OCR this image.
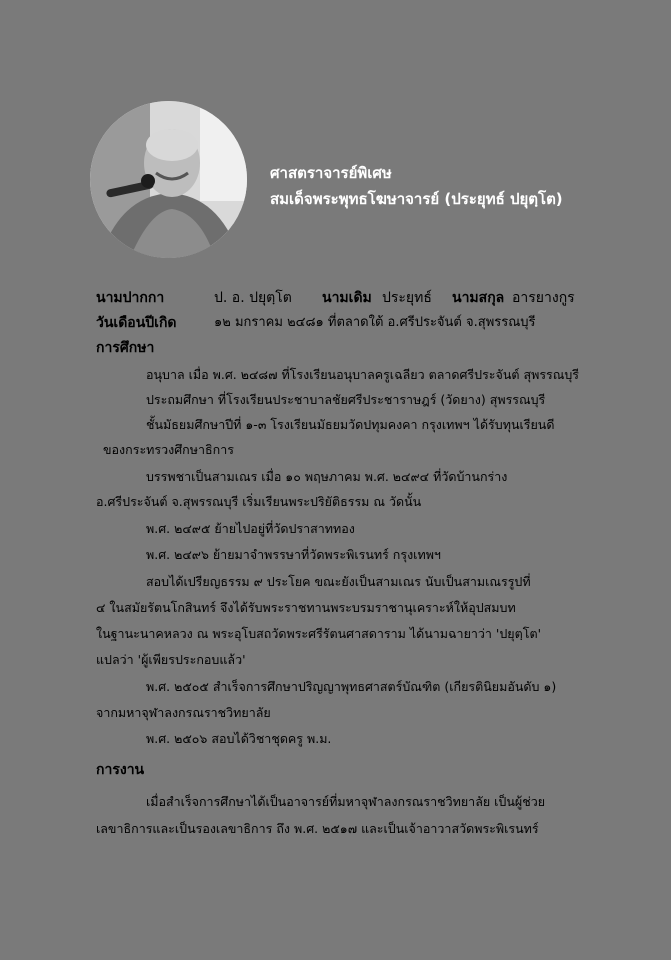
ศาสตราจารย์พิเศษ
สมเด็จพระพุทธโฆษาจารย์ (ประยุทธ์ ปยุตฺโต)
นามปากกา	ป. อ. ปยุตฺโต นามเดิม ประยุทธ์ นามสกุล อารยางกูร
วันเดือนปีเกิด	๑๒ มกราคม ๒๔๘๑ ที่ตลาดใต้ อ.ศรีประจันต์ จ.สุพรรณบุรี
การศึกษา
อนุบาล เมื่อ พ.ศ. ๒๔๘๗ ที่โรงเรียนอนุบาลครูเฉลียว ตลาดศรีประจันต์ สุพรรณบุรี
ประถมศึกษา ที่โรงเรียนประชาบาลชัยศรีประชาราษฎร์ (วัดยาง) สุพรรณบุรี
ชั้นมัธยมศึกษาปีที่ ๑-๓ โรงเรียนมัธยมวัดปทุมคงคา กรุงเทพฯ ได้รับทุนเรียนดี
ของกระทรวงศึกษาธิการ
บรรพชาเป็นสามเณร เมื่อ ๑๐ พฤษภาคม พ.ศ. ๒๔๙๔ ที่วัดบ้านกร่าง
อ.ศรีประจันต์ จ.สุพรรณบุรี เริ่มเรียนพระปริยัติธรรม ณ วัดนั้น
พ.ศ. ๒๔๙๕ ย้ายไปอยู่ที่วัดปราสาททอง
พ.ศ. ๒๔๙๖ ย้ายมาจำพรรษาที่วัดพระพิเรนทร์ กรุงเทพฯ
สอบได้เปรียญธรรม ๙ ประโยค ขณะยังเป็นสามเณร นับเป็นสามเณรรูปที่
๔ ในสมัยรัตนโกสินทร์ จึงได้รับพระราชทานพระบรมราชานุเคราะห์ให้อุปสมบท
ในฐานะนาคหลวง ณ พระอุโบสถวัดพระศรีรัตนศาสดาราม ได้นามฉายาว่า 'ปยุตฺโต'
แปลว่า 'ผู้เพียรประกอบแล้ว'
พ.ศ. ๒๕๐๕ สำเร็จการศึกษาปริญญาพุทธศาสตร์บัณฑิต (เกียรตินิยมอันดับ ๑)
จากมหาจุฬาลงกรณราชวิทยาลัย
พ.ศ. ๒๕๐๖ สอบได้วิชาชุดครู พ.ม.
การงาน
เมื่อสำเร็จการศึกษาได้เป็นอาจารย์ที่มหาจุฬาลงกรณราชวิทยาลัย เป็นผู้ช่วย
เลขาธิการและเป็นรองเลขาธิการ ถึง พ.ศ. ๒๕๑๗ และเป็นเจ้าอาวาสวัดพระพิเรนทร์
